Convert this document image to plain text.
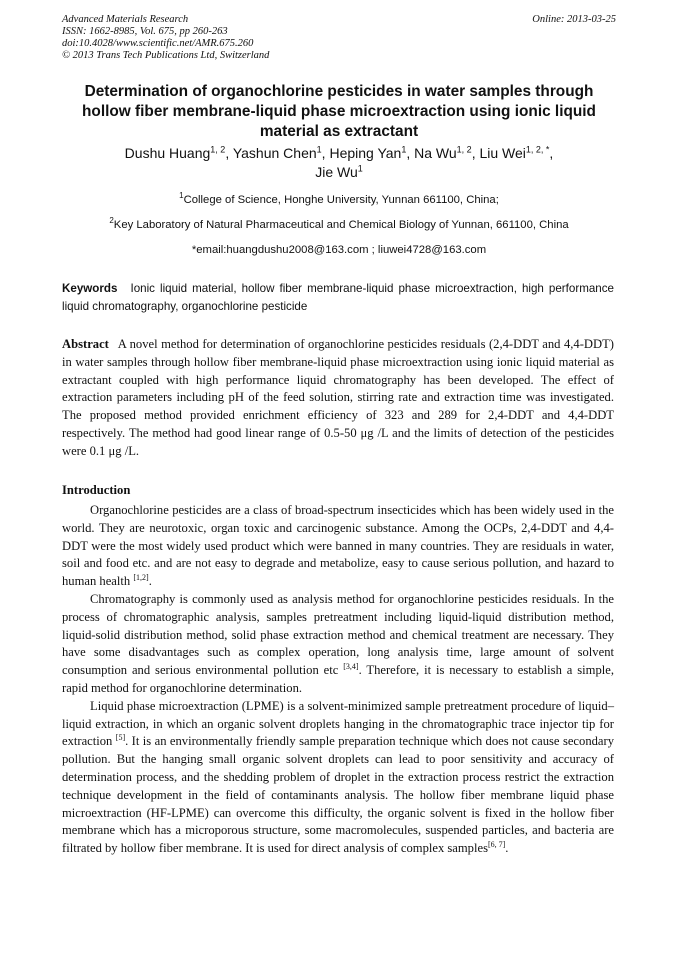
Advanced Materials Research
ISSN: 1662-8985, Vol. 675, pp 260-263
doi:10.4028/www.scientific.net/AMR.675.260
© 2013 Trans Tech Publications Ltd, Switzerland
Online: 2013-03-25
Determination of organochlorine pesticides in water samples through hollow fiber membrane-liquid phase microextraction using ionic liquid material as extractant
Dushu Huang$^{1, 2}$, Yashun Chen$^1$, Heping Yan$^1$, Na Wu$^{1, 2}$, Liu Wei$^{1, 2, *}$,
Jie Wu$^1$
$^1$College of Science, Honghe University, Yunnan 661100, China;
$^2$Key Laboratory of Natural Pharmaceutical and Chemical Biology of Yunnan, 661100, China
*email:huangdushu2008@163.com ; liuwei4728@163.com
Keywords Ionic liquid material, hollow fiber membrane-liquid phase microextraction, high performance liquid chromatography, organochlorine pesticide
Abstract A novel method for determination of organochlorine pesticides residuals (2,4-DDT and 4,4-DDT) in water samples through hollow fiber membrane-liquid phase microextraction using ionic liquid material as extractant coupled with high performance liquid chromatography has been developed. The effect of extraction parameters including pH of the feed solution, stirring rate and extraction time was investigated. The proposed method provided enrichment efficiency of 323 and 289 for 2,4-DDT and 4,4-DDT respectively. The method had good linear range of 0.5-50 μg /L and the limits of detection of the pesticides were 0.1 μg /L.
Introduction

Organochlorine pesticides are a class of broad-spectrum insecticides which has been widely used in the world. They are neurotoxic, organ toxic and carcinogenic substance. Among the OCPs, 2,4-DDT and 4,4-DDT were the most widely used product which were banned in many countries. They are residuals in water, soil and food etc. and are not easy to degrade and metabolize, easy to cause serious pollution, and hazard to human health [1,2].

Chromatography is commonly used as analysis method for organochlorine pesticides residuals. In the process of chromatographic analysis, samples pretreatment including liquid-liquid distribution method, liquid-solid distribution method, solid phase extraction method and chemical treatment are necessary. They have some disadvantages such as complex operation, long analysis time, large amount of solvent consumption and serious environmental pollution etc [3,4]. Therefore, it is necessary to establish a simple, rapid method for organochlorine determination.

Liquid phase microextraction (LPME) is a solvent-minimized sample pretreatment procedure of liquid–liquid extraction, in which an organic solvent droplets hanging in the chromatographic trace injector tip for extraction [5]. It is an environmentally friendly sample preparation technique which does not cause secondary pollution. But the hanging small organic solvent droplets can lead to poor sensitivity and accuracy of determination process, and the shedding problem of droplet in the extraction process restrict the extraction technique development in the field of contaminants analysis. The hollow fiber membrane liquid phase microextraction (HF-LPME) can overcome this difficulty, the organic solvent is fixed in the hollow fiber membrane which has a microporous structure, some macromolecules, suspended particles, and bacteria are filtrated by hollow fiber membrane. It is used for direct analysis of complex samples[6, 7].
